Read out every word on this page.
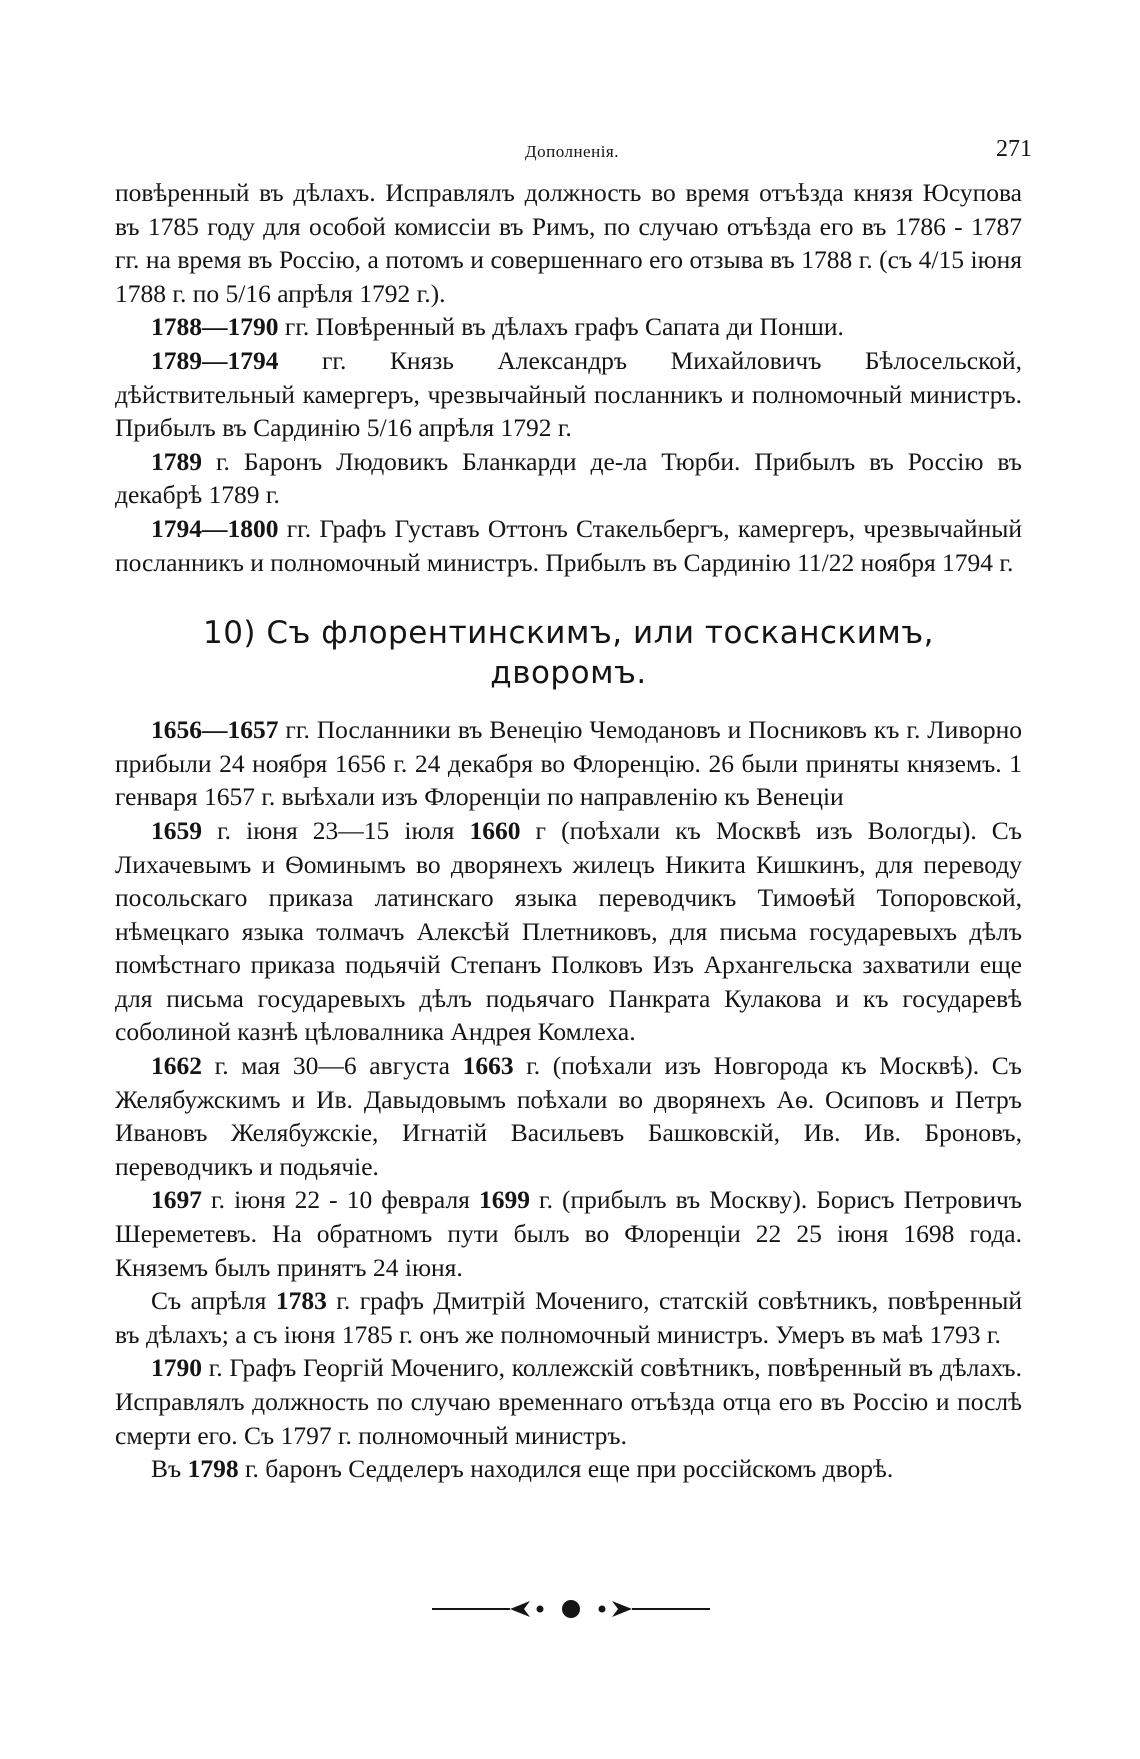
Дополненія.	271

повѣренный въ дѣлахъ. Исправлялъ должность во время отъѣзда князя Юсупова въ 1785 году для особой комиссіи въ Римъ, по случаю отъѣзда его въ 1786 - 1787 гг. на время въ Россію, а потомъ и совершеннаго его отзыва въ 1788 г. (съ 4/15 іюня 1788 г. по 5/16 апрѣля 1792 г.).

1788—1790 гг. Повѣренный въ дѣлахъ графъ Сапата ди Понши.

1789—1794 гг. Князь Александръ Михайловичъ Бѣлосельской, дѣйствительный камергеръ, чрезвычайный посланникъ и полномочный министръ. Прибылъ въ Сардинію 5/16 апрѣля 1792 г.

1789 г. Баронъ Людовикъ Бланкарди де-ла Тюрби. Прибылъ въ Россію въ декабрѣ 1789 г.

1794—1800 гг. Графъ Густавъ Оттонъ Стакельбергъ, камергеръ, чрезвычайный посланникъ и полномочный министръ. Прибылъ въ Сардинію 11/22 ноября 1794 г.

10) Съ флорентинскимъ, или тосканскимъ,
дворомъ.

1656—1657 гг. Посланники въ Венецію Чемодановъ и Посниковъ къ г. Ливорно прибыли 24 ноября 1656 г. 24 декабря во Флоренцію. 26 были приняты княземъ. 1 генваря 1657 г. выѣхали изъ Флоренціи по направленію къ Венеціи

1659 г. іюня 23—15 іюля 1660 г (поѣхали къ Москвѣ изъ Вологды). Съ Лихачевымъ и Ѳоминымъ во дворянехъ жилецъ Никита Кишкинъ, для переводу посольскаго приказа латинскаго языка переводчикъ Тимоѳѣй Топоровской, нѣмецкаго языка толмачъ Алексѣй Плетниковъ, для письма государевыхъ дѣлъ помѣстнаго приказа подьячій Степанъ Полковъ Изъ Архангельска захватили еще для письма государевыхъ дѣлъ подьячаго Панкрата Кулакова и къ государевѣ соболиной казнѣ цѣловалника Андрея Комлеха.

1662 г. мая 30—6 августа 1663 г. (поѣхали изъ Новгорода къ Москвѣ). Съ Желябужскимъ и Ив. Давыдовымъ поѣхали во дворянехъ Аѳ. Осиповъ и Петръ Ивановъ Желябужскіе, Игнатій Васильевъ Башковскій, Ив. Ив. Броновъ, переводчикъ и подьячіе.

1697 г. іюня 22 - 10 февраля 1699 г. (прибылъ въ Москву). Борисъ Петровичъ Шереметевъ. На обратномъ пути былъ во Флоренціи 22 25 іюня 1698 года. Княземъ былъ принятъ 24 іюня.

Съ апрѣля 1783 г. графъ Дмитрій Мочениго, статскій совѣтникъ, повѣренный въ дѣлахъ; а съ іюня 1785 г. онъ же полномочный министръ. Умеръ въ маѣ 1793 г.

1790 г. Графъ Георгій Мочениго, коллежскій совѣтникъ, повѣренный въ дѣлахъ. Исправлялъ должность по случаю временнаго отъѣзда отца его въ Россію и послѣ смерти его. Съ 1797 г. полномочный министръ.

Въ 1798 г. баронъ Седделеръ находился еще при россійскомъ дворѣ.
